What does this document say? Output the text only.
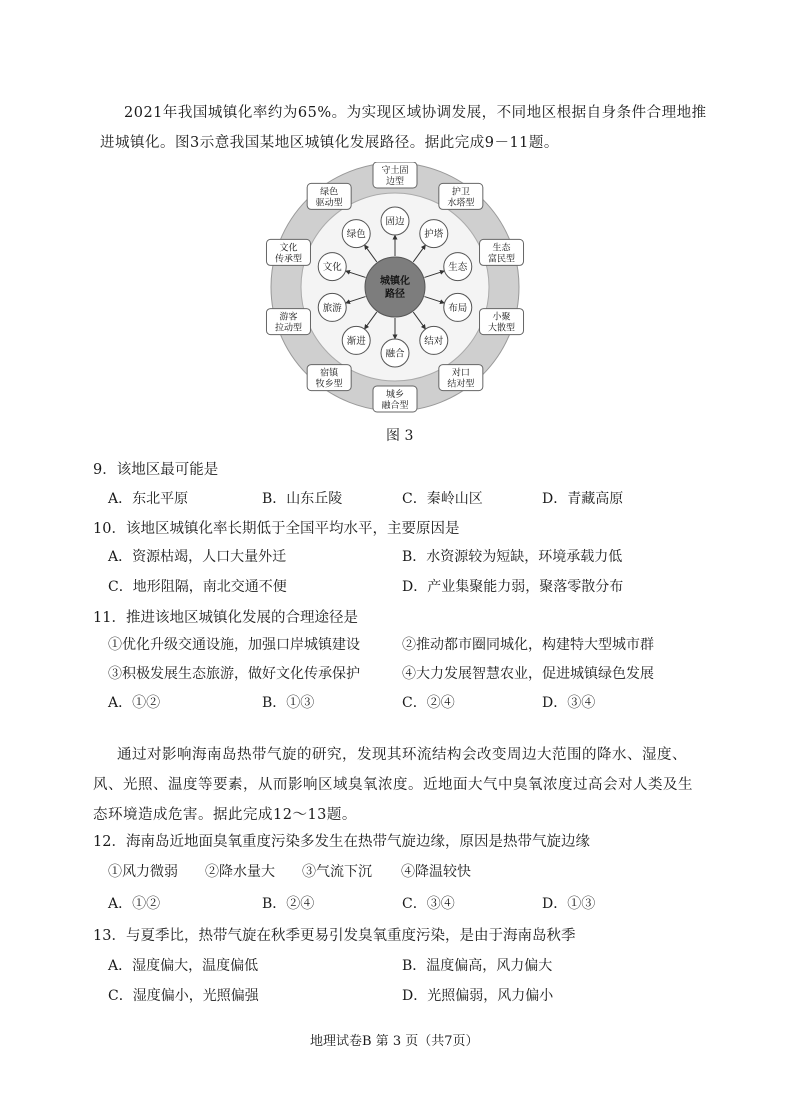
2021年我国城镇化率约为65%。为实现区域协调发展，不同地区根据自身条件合理地推进城镇化。图3示意我国某地区城镇化发展路径。据此完成9－11题。

固边
护塔
生态
布局
结对
融合
渐进
旅游
文化
绿色
城镇化
路径
守土固
边型
护卫
水塔型
生态
富民型
小聚
大散型
对口
结对型
城乡
融合型
宿镇
牧乡型
游客
拉动型
文化
传承型
绿色
驱动型
图 3
9．该地区最可能是
A．东北平原	B．山东丘陵	C．秦岭山区	D．青藏高原
10．该地区城镇化率长期低于全国平均水平，主要原因是
A．资源枯竭，人口大量外迁	B．水资源较为短缺，环境承载力低
C．地形阻隔，南北交通不便	D．产业集聚能力弱，聚落零散分布
11．推进该地区城镇化发展的合理途径是
①优化升级交通设施，加强口岸城镇建设	②推动都市圈同城化，构建特大型城市群
③积极发展生态旅游，做好文化传承保护	④大力发展智慧农业，促进城镇绿色发展
A．①②	B．①③	C．②④	D．③④

通过对影响海南岛热带气旋的研究，发现其环流结构会改变周边大范围的降水、湿度、风、光照、温度等要素，从而影响区域臭氧浓度。近地面大气中臭氧浓度过高会对人类及生态环境造成危害。据此完成12～13题。

12．海南岛近地面臭氧重度污染多发生在热带气旋边缘，原因是热带气旋边缘
①风力微弱 ②降水量大 ③气流下沉 ④降温较快
A．①②	B．②④	C．③④	D．①③
13．与夏季比，热带气旋在秋季更易引发臭氧重度污染，是由于海南岛秋季
A．湿度偏大，温度偏低	B．温度偏高，风力偏大
C．湿度偏小，光照偏强	D．光照偏弱，风力偏小
地理试卷B 第 3 页（共7页）
